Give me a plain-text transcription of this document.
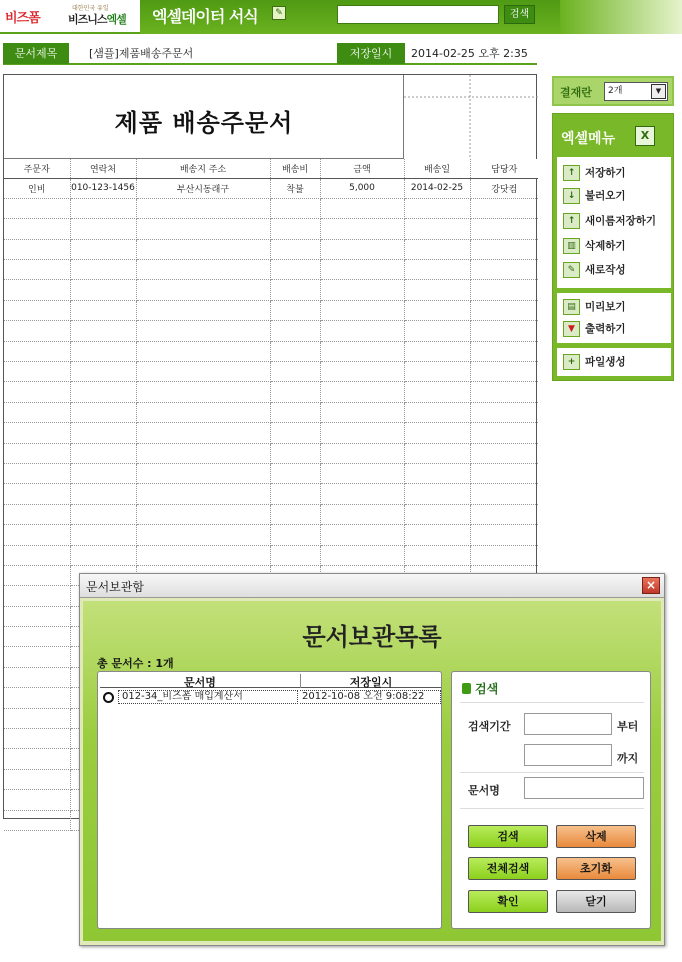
비즈폼
대한민국 유일
비즈니스엑셀 엑셀데이터 서식	✎	검색
문서제목	[샘플]제품배송주문서	저장일시	2014-02-25 오후 2:35
제품 배송주문서
주문자	연락처	배송지 주소	배송비	금액	배송일	담당자
인비	010-123-1456	부산시동래구	착불	5,000	2014-02-25	강닷컴

결재란	2개	▼
엑셀메뉴	X
↑ 저장하기
↓ 불러오기
↑ 새이름저장하기
▥ 삭제하기
✎ 새로작성
▤ 미리보기
▼ 출력하기
+ 파일생성
문서보관함	×
문서보관목록
총 문서수 : 1개
문서명	저장일시
012-34_비즈폼 매입계산서	2012-10-08 오전 9:08:22
검색
검색기간	부터
까지
문서명
검색	삭제
전체검색	초기화
확인	닫기
